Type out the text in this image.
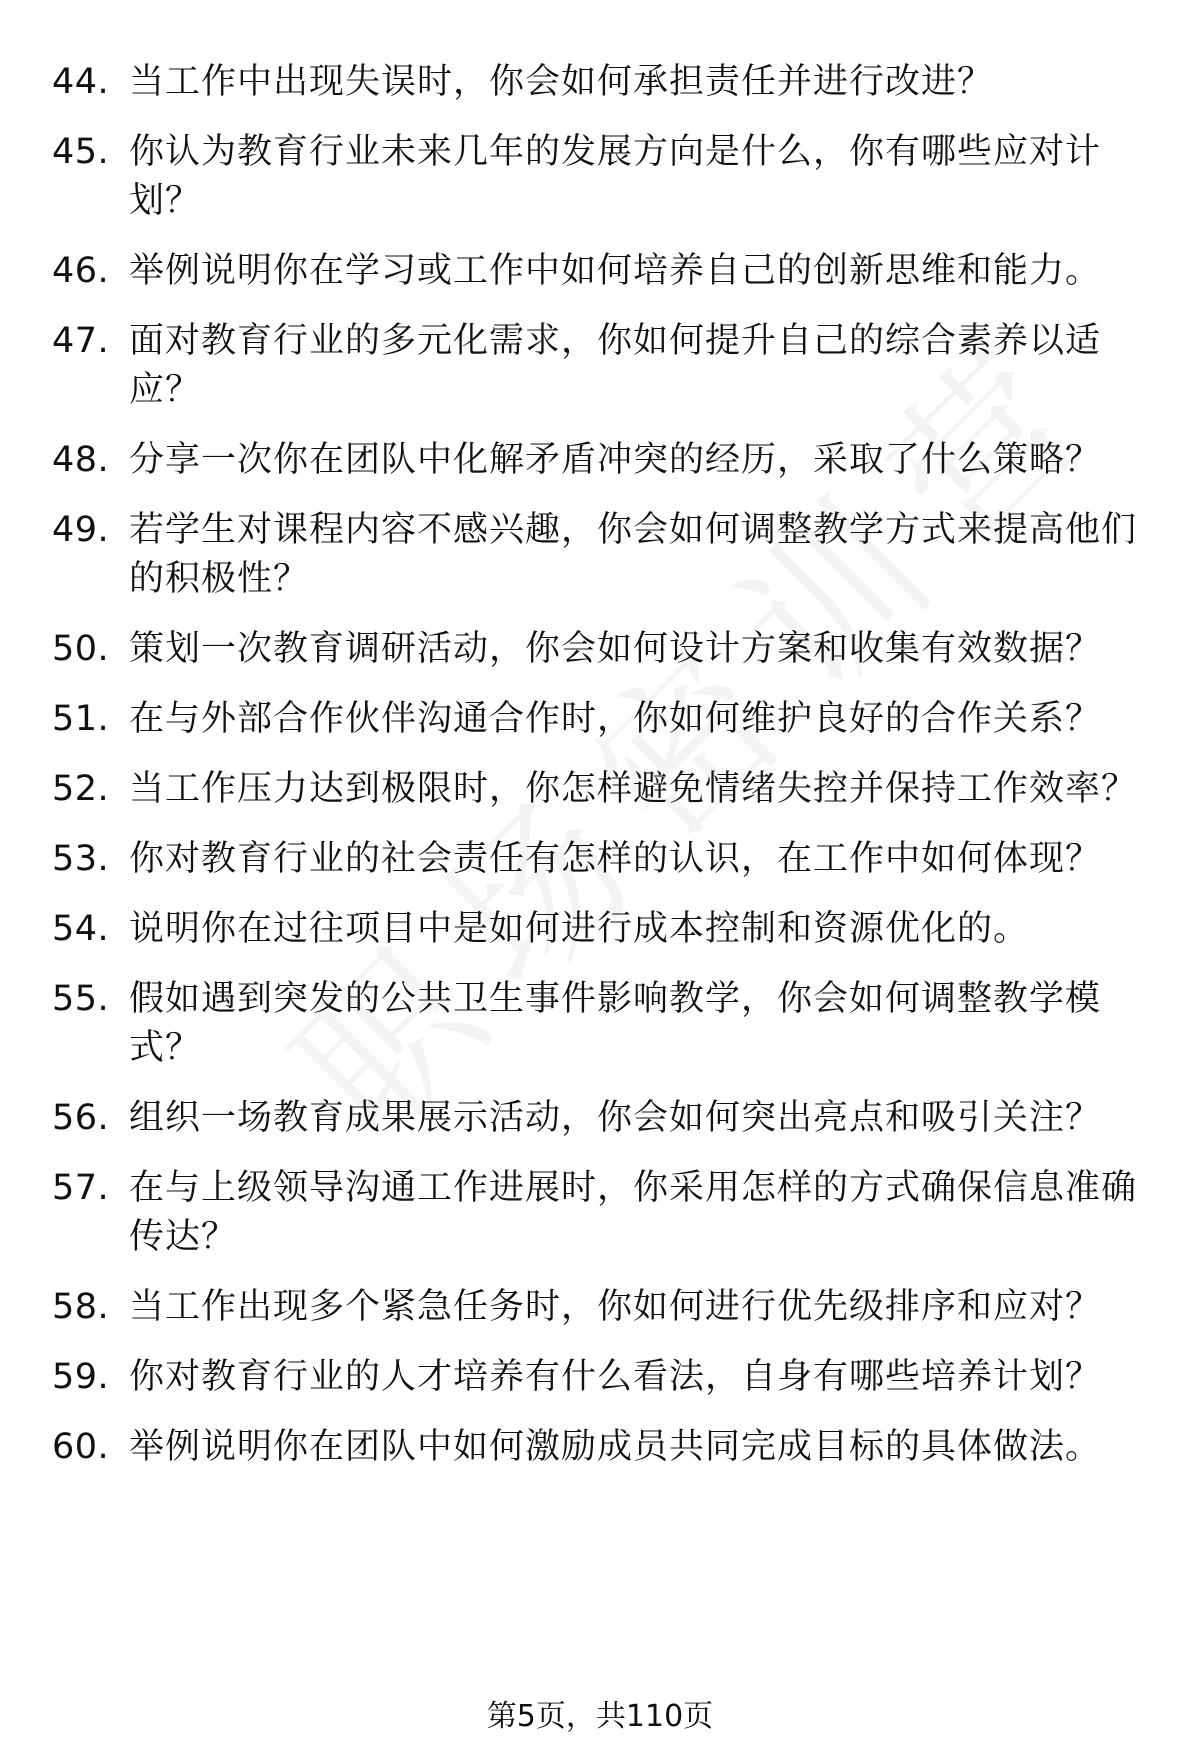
44. 当工作中出现失误时，你会如何承担责任并进行改进？
45. 你认为教育行业未来几年的发展方向是什么，你有哪些应对计划？
46. 举例说明你在学习或工作中如何培养自己的创新思维和能力。
47. 面对教育行业的多元化需求，你如何提升自己的综合素养以适应？
48. 分享一次你在团队中化解矛盾冲突的经历，采取了什么策略？
49. 若学生对课程内容不感兴趣，你会如何调整教学方式来提高他们的积极性？
50. 策划一次教育调研活动，你会如何设计方案和收集有效数据？
51. 在与外部合作伙伴沟通合作时，你如何维护良好的合作关系？
52. 当工作压力达到极限时，你怎样避免情绪失控并保持工作效率？
53. 你对教育行业的社会责任有怎样的认识，在工作中如何体现？
54. 说明你在过往项目中是如何进行成本控制和资源优化的。
55. 假如遇到突发的公共卫生事件影响教学，你会如何调整教学模式？
56. 组织一场教育成果展示活动，你会如何突出亮点和吸引关注？
57. 在与上级领导沟通工作进展时，你采用怎样的方式确保信息准确传达？
58. 当工作出现多个紧急任务时，你如何进行优先级排序和应对？
59. 你对教育行业的人才培养有什么看法，自身有哪些培养计划？
60. 举例说明你在团队中如何激励成员共同完成目标的具体做法。
第5页，共110页
